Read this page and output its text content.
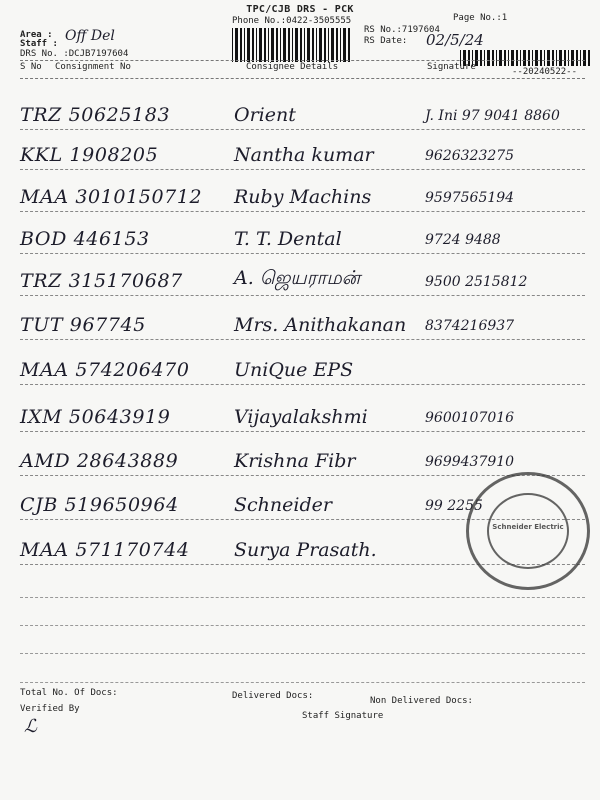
TPC/CJB DRS - PCK
Phone No.:0422-3505555	Page No.:1
RS No.:7197604
RS Date: 02/5/24
Area :
Staff : Off Del
DRS No. :DCJB7197604
S No Consignment No	Consignee Details	Signature	--20240522--
TRZ 50625183	Orient	J. Ini 97 9041 8860
KKL 1908205	Nantha kumar	9626323275
MAA 3010150712 Ruby Machins	9597565194
BOD 446153	T. T. Dental	9724 9488
TRZ 315170687	A. ஜெயராமன்	9500 2515812
TUT 967745	Mrs. Anithakanan 8374216937
MAA 574206470 UniQue EPS
IXM 50643919	Vijayalakshmi	9600107016
AMD 28643889	Krishna Fibr	9699437910
CJB 519650964	Schneider	99 2255
MAA 571170744 Surya Prasath.
Schneider Electric
Total No. Of Docs:	Delivered Docs:	Non Delivered Docs:
Verified By
Staff Signature
ℒ
